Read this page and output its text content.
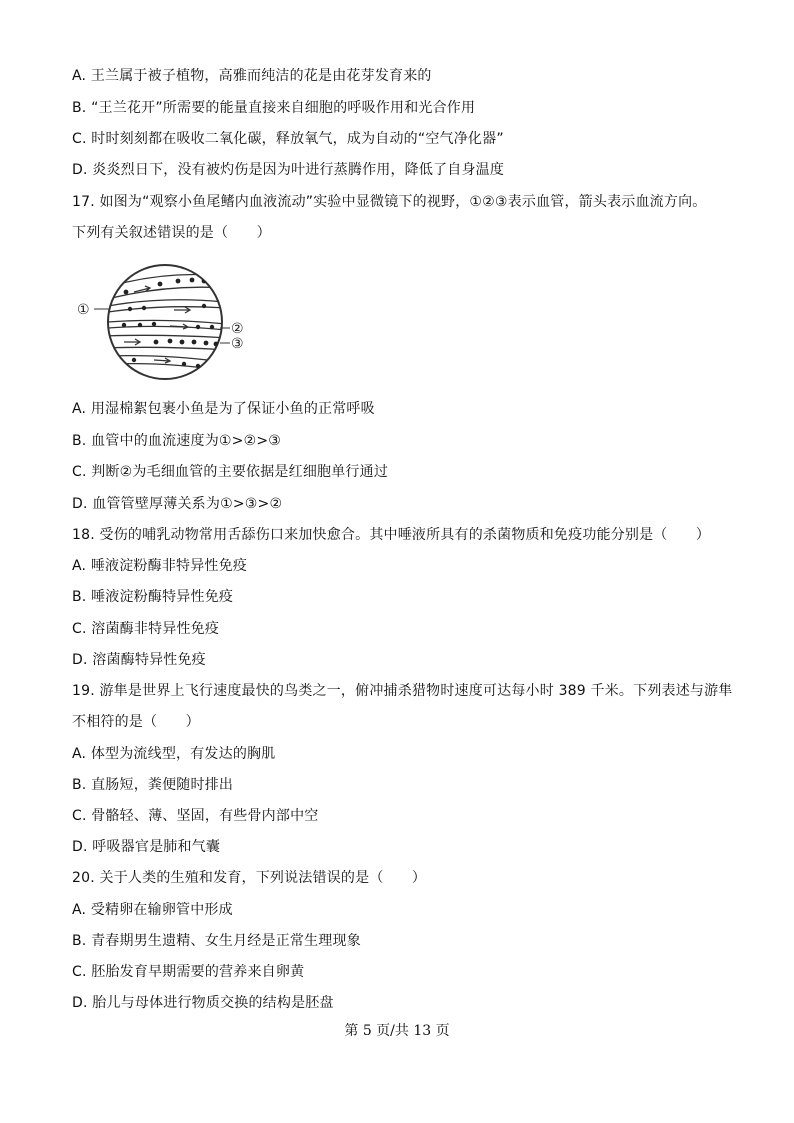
A. 王兰属于被子植物，高雅而纯洁的花是由花芽发育来的
B. “王兰花开”所需要的能量直接来自细胞的呼吸作用和光合作用
C. 时时刻刻都在吸收二氧化碳，释放氧气，成为自动的“空气净化器”
D. 炎炎烈日下，没有被灼伤是因为叶进行蒸腾作用，降低了自身温度
17. 如图为“观察小鱼尾鳍内血液流动”实验中显微镜下的视野，①②③表示血管，箭头表示血流方向。
下列有关叙述错误的是（　　）
①
②
③
A. 用湿棉絮包裹小鱼是为了保证小鱼的正常呼吸
B. 血管中的血流速度为①>②>③
C. 判断②为毛细血管的主要依据是红细胞单行通过
D. 血管管壁厚薄关系为①>③>②
18. 受伤的哺乳动物常用舌舔伤口来加快愈合。其中唾液所具有的杀菌物质和免疫功能分别是（　　）
A. 唾液淀粉酶非特异性免疫
B. 唾液淀粉酶特异性免疫
C. 溶菌酶非特异性免疫
D. 溶菌酶特异性免疫
19. 游隼是世界上飞行速度最快的鸟类之一，俯冲捕杀猎物时速度可达每小时 389 千米。下列表述与游隼
不相符的是（　　）
A. 体型为流线型，有发达的胸肌
B. 直肠短，粪便随时排出
C. 骨骼轻、薄、坚固，有些骨内部中空
D. 呼吸器官是肺和气囊
20. 关于人类的生殖和发育，下列说法错误的是（　　）
A. 受精卵在输卵管中形成
B. 青春期男生遗精、女生月经是正常生理现象
C. 胚胎发育早期需要的营养来自卵黄
D. 胎儿与母体进行物质交换的结构是胚盘
第 5 页/共 13 页
